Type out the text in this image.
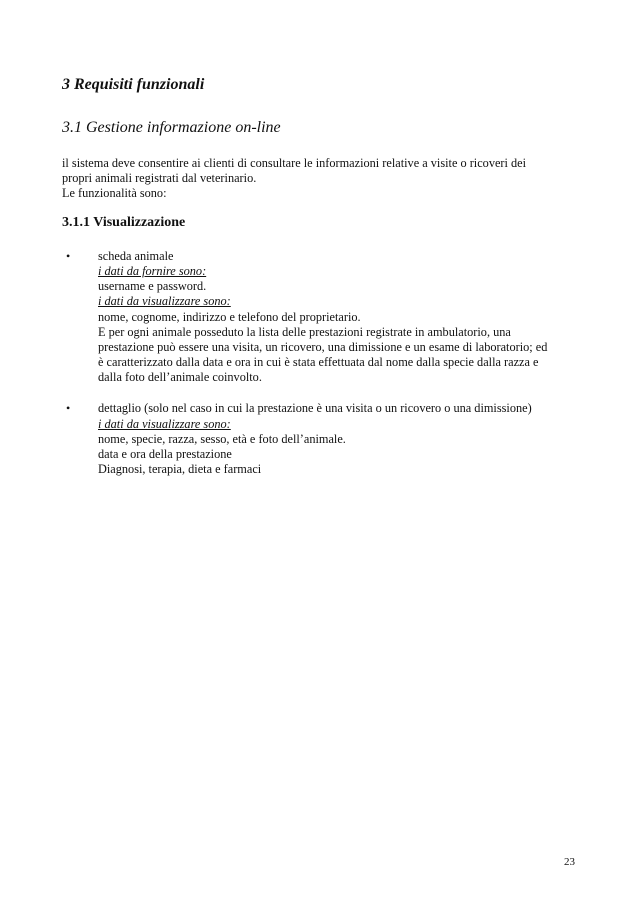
3 Requisiti funzionali
3.1 Gestione informazione on-line
il sistema deve consentire ai clienti di consultare le informazioni relative a visite o ricoveri dei
propri animali registrati dal veterinario.
Le funzionalità sono:
3.1.1 Visualizzazione
• scheda animale
i dati da fornire sono:
username e password.
i dati da visualizzare sono:
nome, cognome, indirizzo e telefono del proprietario.
E per ogni animale posseduto la lista delle prestazioni registrate in ambulatorio, una
prestazione può essere una visita, un ricovero, una dimissione e un esame di laboratorio; ed
è caratterizzato dalla data e ora in cui è stata effettuata dal nome dalla specie dalla razza e
dalla foto dell’animale coinvolto.
• dettaglio (solo nel caso in cui la prestazione è una visita o un ricovero o una dimissione)
i dati da visualizzare sono:
nome, specie, razza, sesso, età e foto dell’animale.
data e ora della prestazione
Diagnosi, terapia, dieta e farmaci
23
